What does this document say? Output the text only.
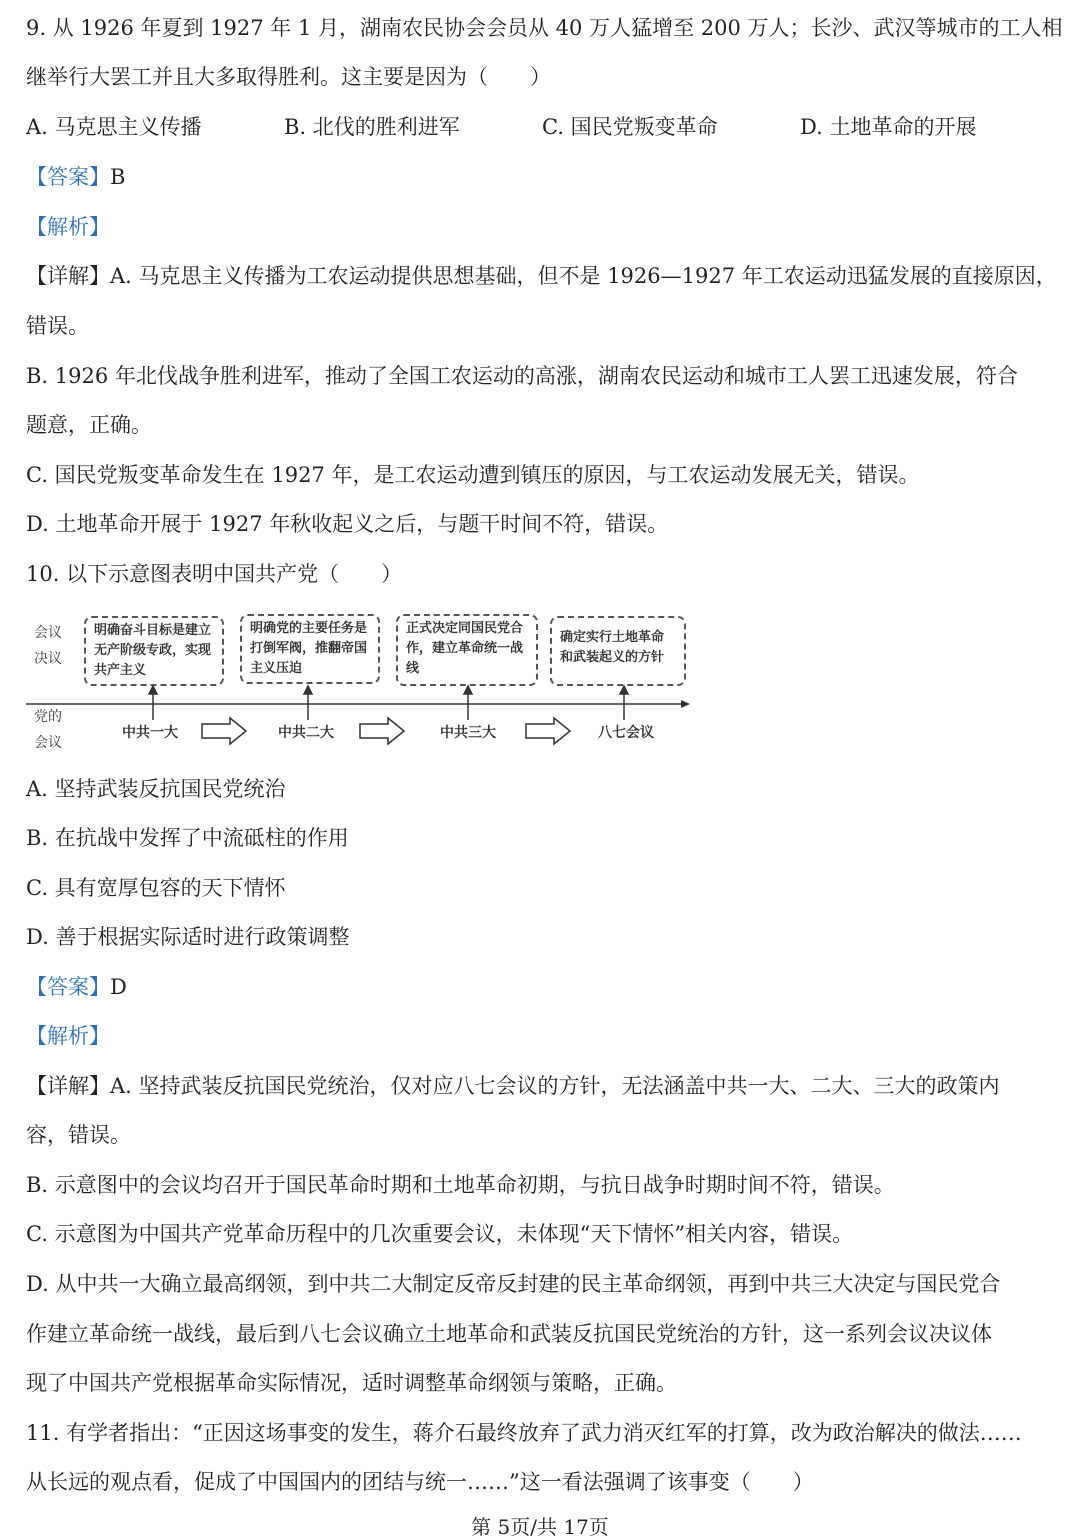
9. 从 1926 年夏到 1927 年 1 月，湖南农民协会会员从 40 万人猛增至 200 万人；长沙、武汉等城市的工人相
继举行大罢工并且大多取得胜利。这主要是因为（　　）
A. 马克思主义传播	B. 北伐的胜利进军	C. 国民党叛变革命	D. 土地革命的开展
【答案】B
【解析】
【详解】A. 马克思主义传播为工农运动提供思想基础，但不是 1926—1927 年工农运动迅猛发展的直接原因，
错误。
B. 1926 年北伐战争胜利进军，推动了全国工农运动的高涨，湖南农民运动和城市工人罢工迅速发展，符合
题意，正确。
C. 国民党叛变革命发生在 1927 年，是工农运动遭到镇压的原因，与工农运动发展无关，错误。
D. 土地革命开展于 1927 年秋收起义之后，与题干时间不符，错误。
10. 以下示意图表明中国共产党（　　）
会议
决议
党的
会议
明确奋斗目标是建立无产阶级专政，实现共产主义
明确党的主要任务是打倒军阀，推翻帝国主义压迫
正式决定同国民党合作，建立革命统一战线
确定实行土地革命和武装起义的方针
中共一大	中共二大	中共三大	八七会议
A. 坚持武装反抗国民党统治
B. 在抗战中发挥了中流砥柱的作用
C. 具有宽厚包容的天下情怀
D. 善于根据实际适时进行政策调整
【答案】D
【解析】
【详解】A. 坚持武装反抗国民党统治，仅对应八七会议的方针，无法涵盖中共一大、二大、三大的政策内
容，错误。
B. 示意图中的会议均召开于国民革命时期和土地革命初期，与抗日战争时期时间不符，错误。
C. 示意图为中国共产党革命历程中的几次重要会议，未体现“天下情怀”相关内容，错误。
D. 从中共一大确立最高纲领，到中共二大制定反帝反封建的民主革命纲领，再到中共三大决定与国民党合
作建立革命统一战线，最后到八七会议确立土地革命和武装反抗国民党统治的方针，这一系列会议决议体
现了中国共产党根据革命实际情况，适时调整革命纲领与策略，正确。
11. 有学者指出：“正因这场事变的发生，蒋介石最终放弃了武力消灭红军的打算，改为政治解决的做法……
从长远的观点看，促成了中国国内的团结与统一……”这一看法强调了该事变（　　）
第 5页/共 17页
